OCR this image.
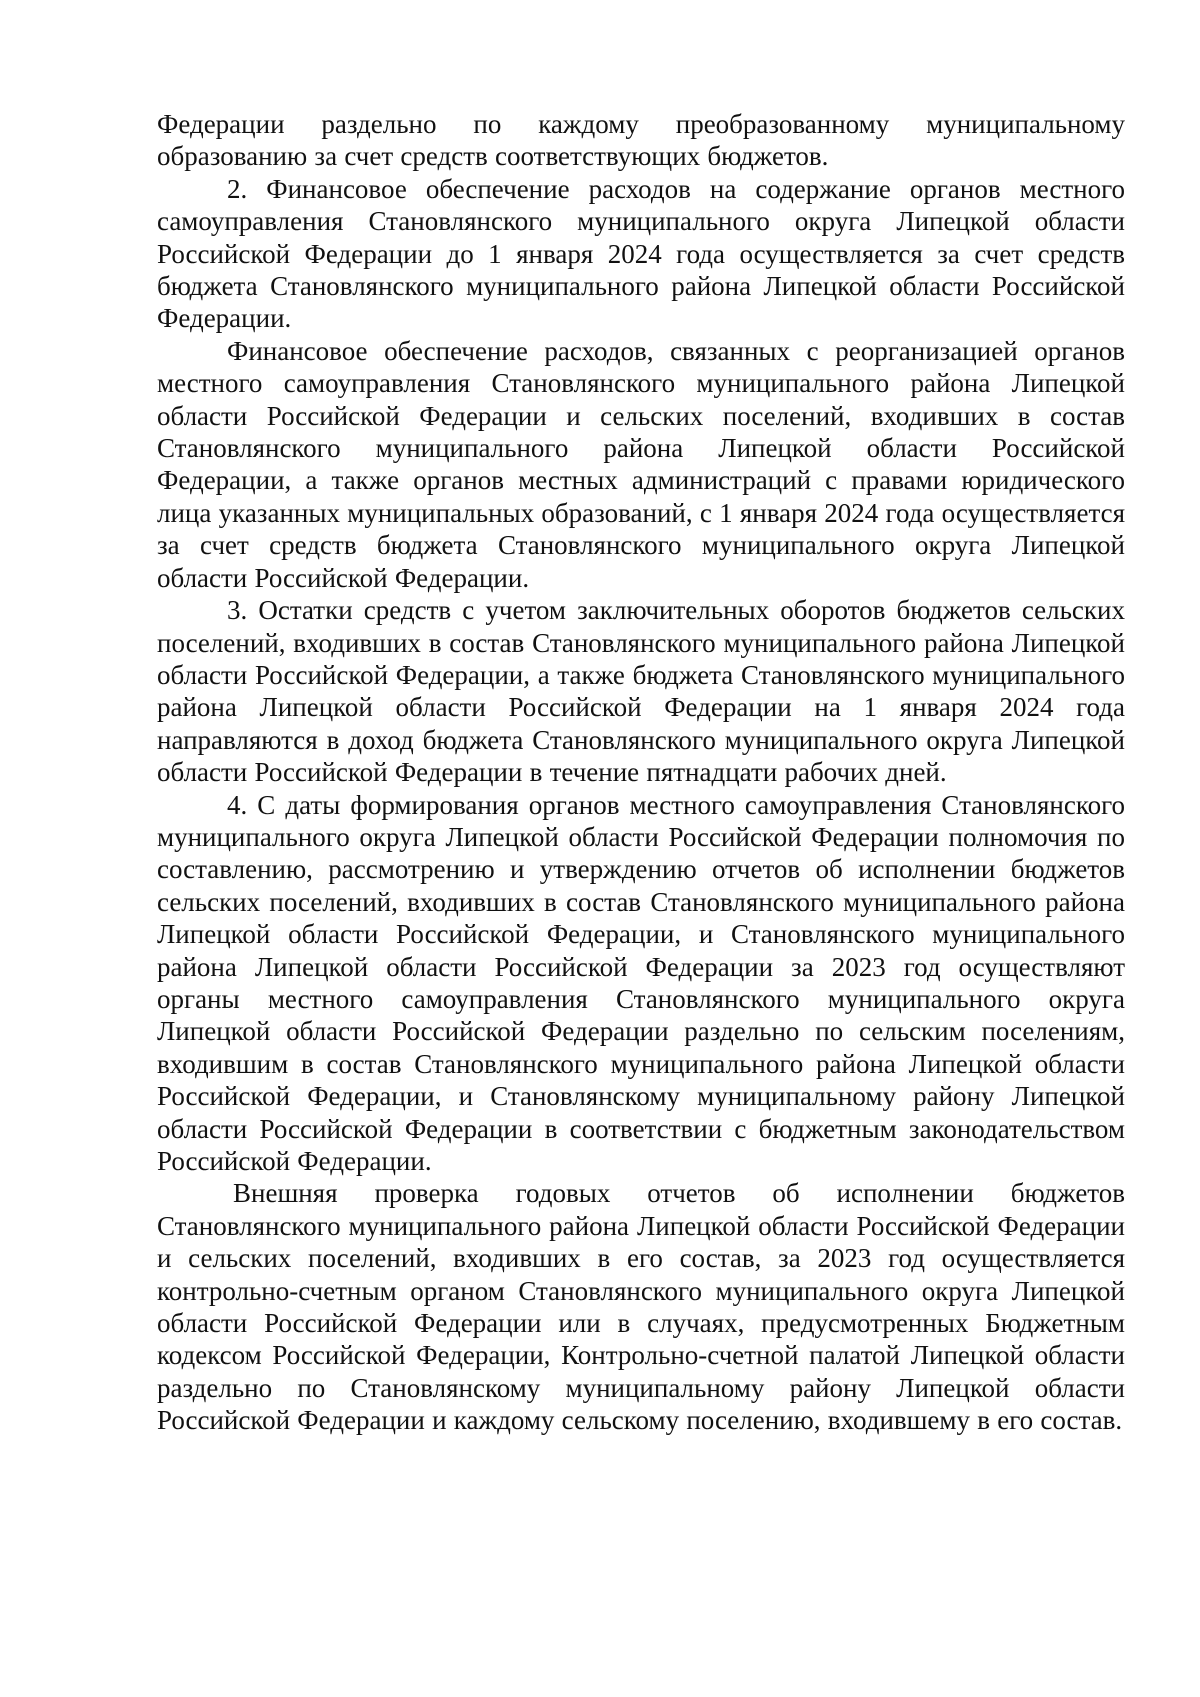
Федерации раздельно по каждому преобразованному муниципальному образованию за счет средств соответствующих бюджетов.

2. Финансовое обеспечение расходов на содержание органов местного самоуправления Становлянского муниципального округа Липецкой области Российской Федерации до 1 января 2024 года осуществляется за счет средств бюджета Становлянского муниципального района Липецкой области Российской Федерации.

Финансовое обеспечение расходов, связанных с реорганизацией органов местного самоуправления Становлянского муниципального района Липецкой области Российской Федерации и сельских поселений, входивших в состав Становлянского муниципального района Липецкой области Российской Федерации, а также органов местных администраций с правами юридического лица указанных муниципальных образований, с 1 января 2024 года осуществляется за счет средств бюджета Становлянского муниципального округа Липецкой области Российской Федерации.

3. Остатки средств с учетом заключительных оборотов бюджетов сельских поселений, входивших в состав Становлянского муниципального района Липецкой области Российской Федерации, а также бюджета Становлянского муниципального района Липецкой области Российской Федерации на 1 января 2024 года направляются в доход бюджета Становлянского муниципального округа Липецкой области Российской Федерации в течение пятнадцати рабочих дней.

4. С даты формирования органов местного самоуправления Становлянского муниципального округа Липецкой области Российской Федерации полномочия по составлению, рассмотрению и утверждению отчетов об исполнении бюджетов сельских поселений, входивших в состав Становлянского муниципального района Липецкой области Российской Федерации, и Становлянского муниципального района Липецкой области Российской Федерации за 2023 год осуществляют органы местного самоуправления Становлянского муниципального округа Липецкой области Российской Федерации раздельно по сельским поселениям, входившим в состав Становлянского муниципального района Липецкой области Российской Федерации, и Становлянскому муниципальному району Липецкой области Российской Федерации в соответствии с бюджетным законодательством Российской Федерации.

Внешняя проверка годовых отчетов об исполнении бюджетов Становлянского муниципального района Липецкой области Российской Федерации и сельских поселений, входивших в его состав, за 2023 год осуществляется контрольно-счетным органом Становлянского муниципального округа Липецкой области Российской Федерации или в случаях, предусмотренных Бюджетным кодексом Российской Федерации, Контрольно-счетной палатой Липецкой области раздельно по Становлянскому муниципальному району Липецкой области Российской Федерации и каждому сельскому поселению, входившему в его состав.
